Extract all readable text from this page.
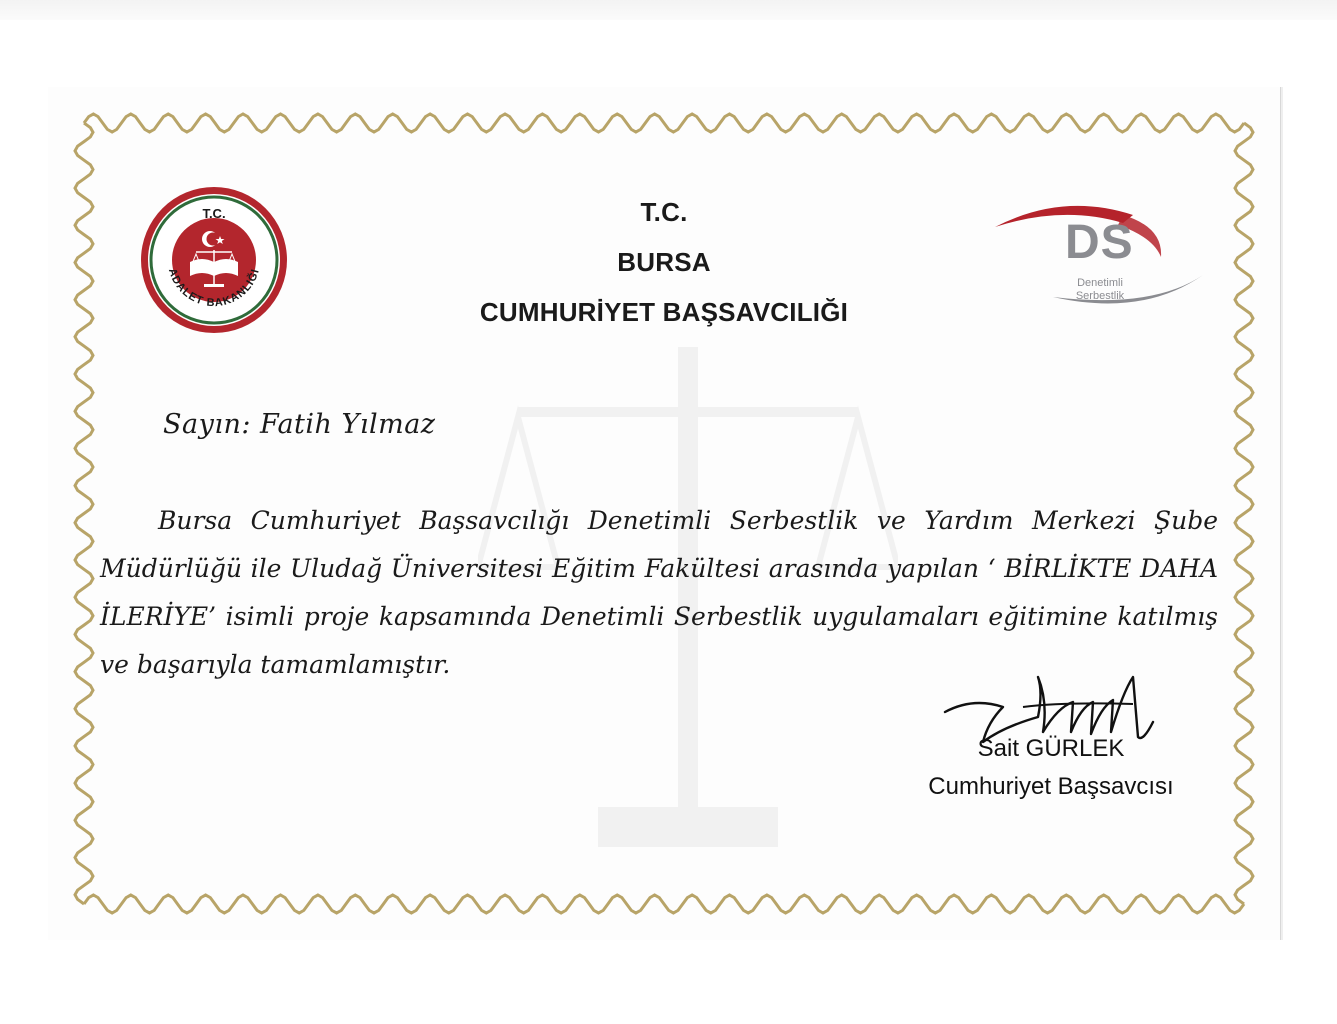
T.C.
ADALET BAKANLIĞI
DS
Denetimli
Serbestlik
T.C.
BURSA
CUMHURİYET BAŞSAVCILIĞI
Sayın: Fatih Yılmaz
Bursa Cumhuriyet Başsavcılığı Denetimli Serbestlik ve Yardım Merkezi Şube Müdürlüğü ile Uludağ Üniversitesi Eğitim Fakültesi arasında yapılan ‘ BİRLİKTE DAHA İLERİYE’ isimli proje kapsamında Denetimli Serbestlik uygulamaları eğitimine katılmış ve başarıyla tamamlamıştır.
Sait GÜRLEK
Cumhuriyet Başsavcısı
